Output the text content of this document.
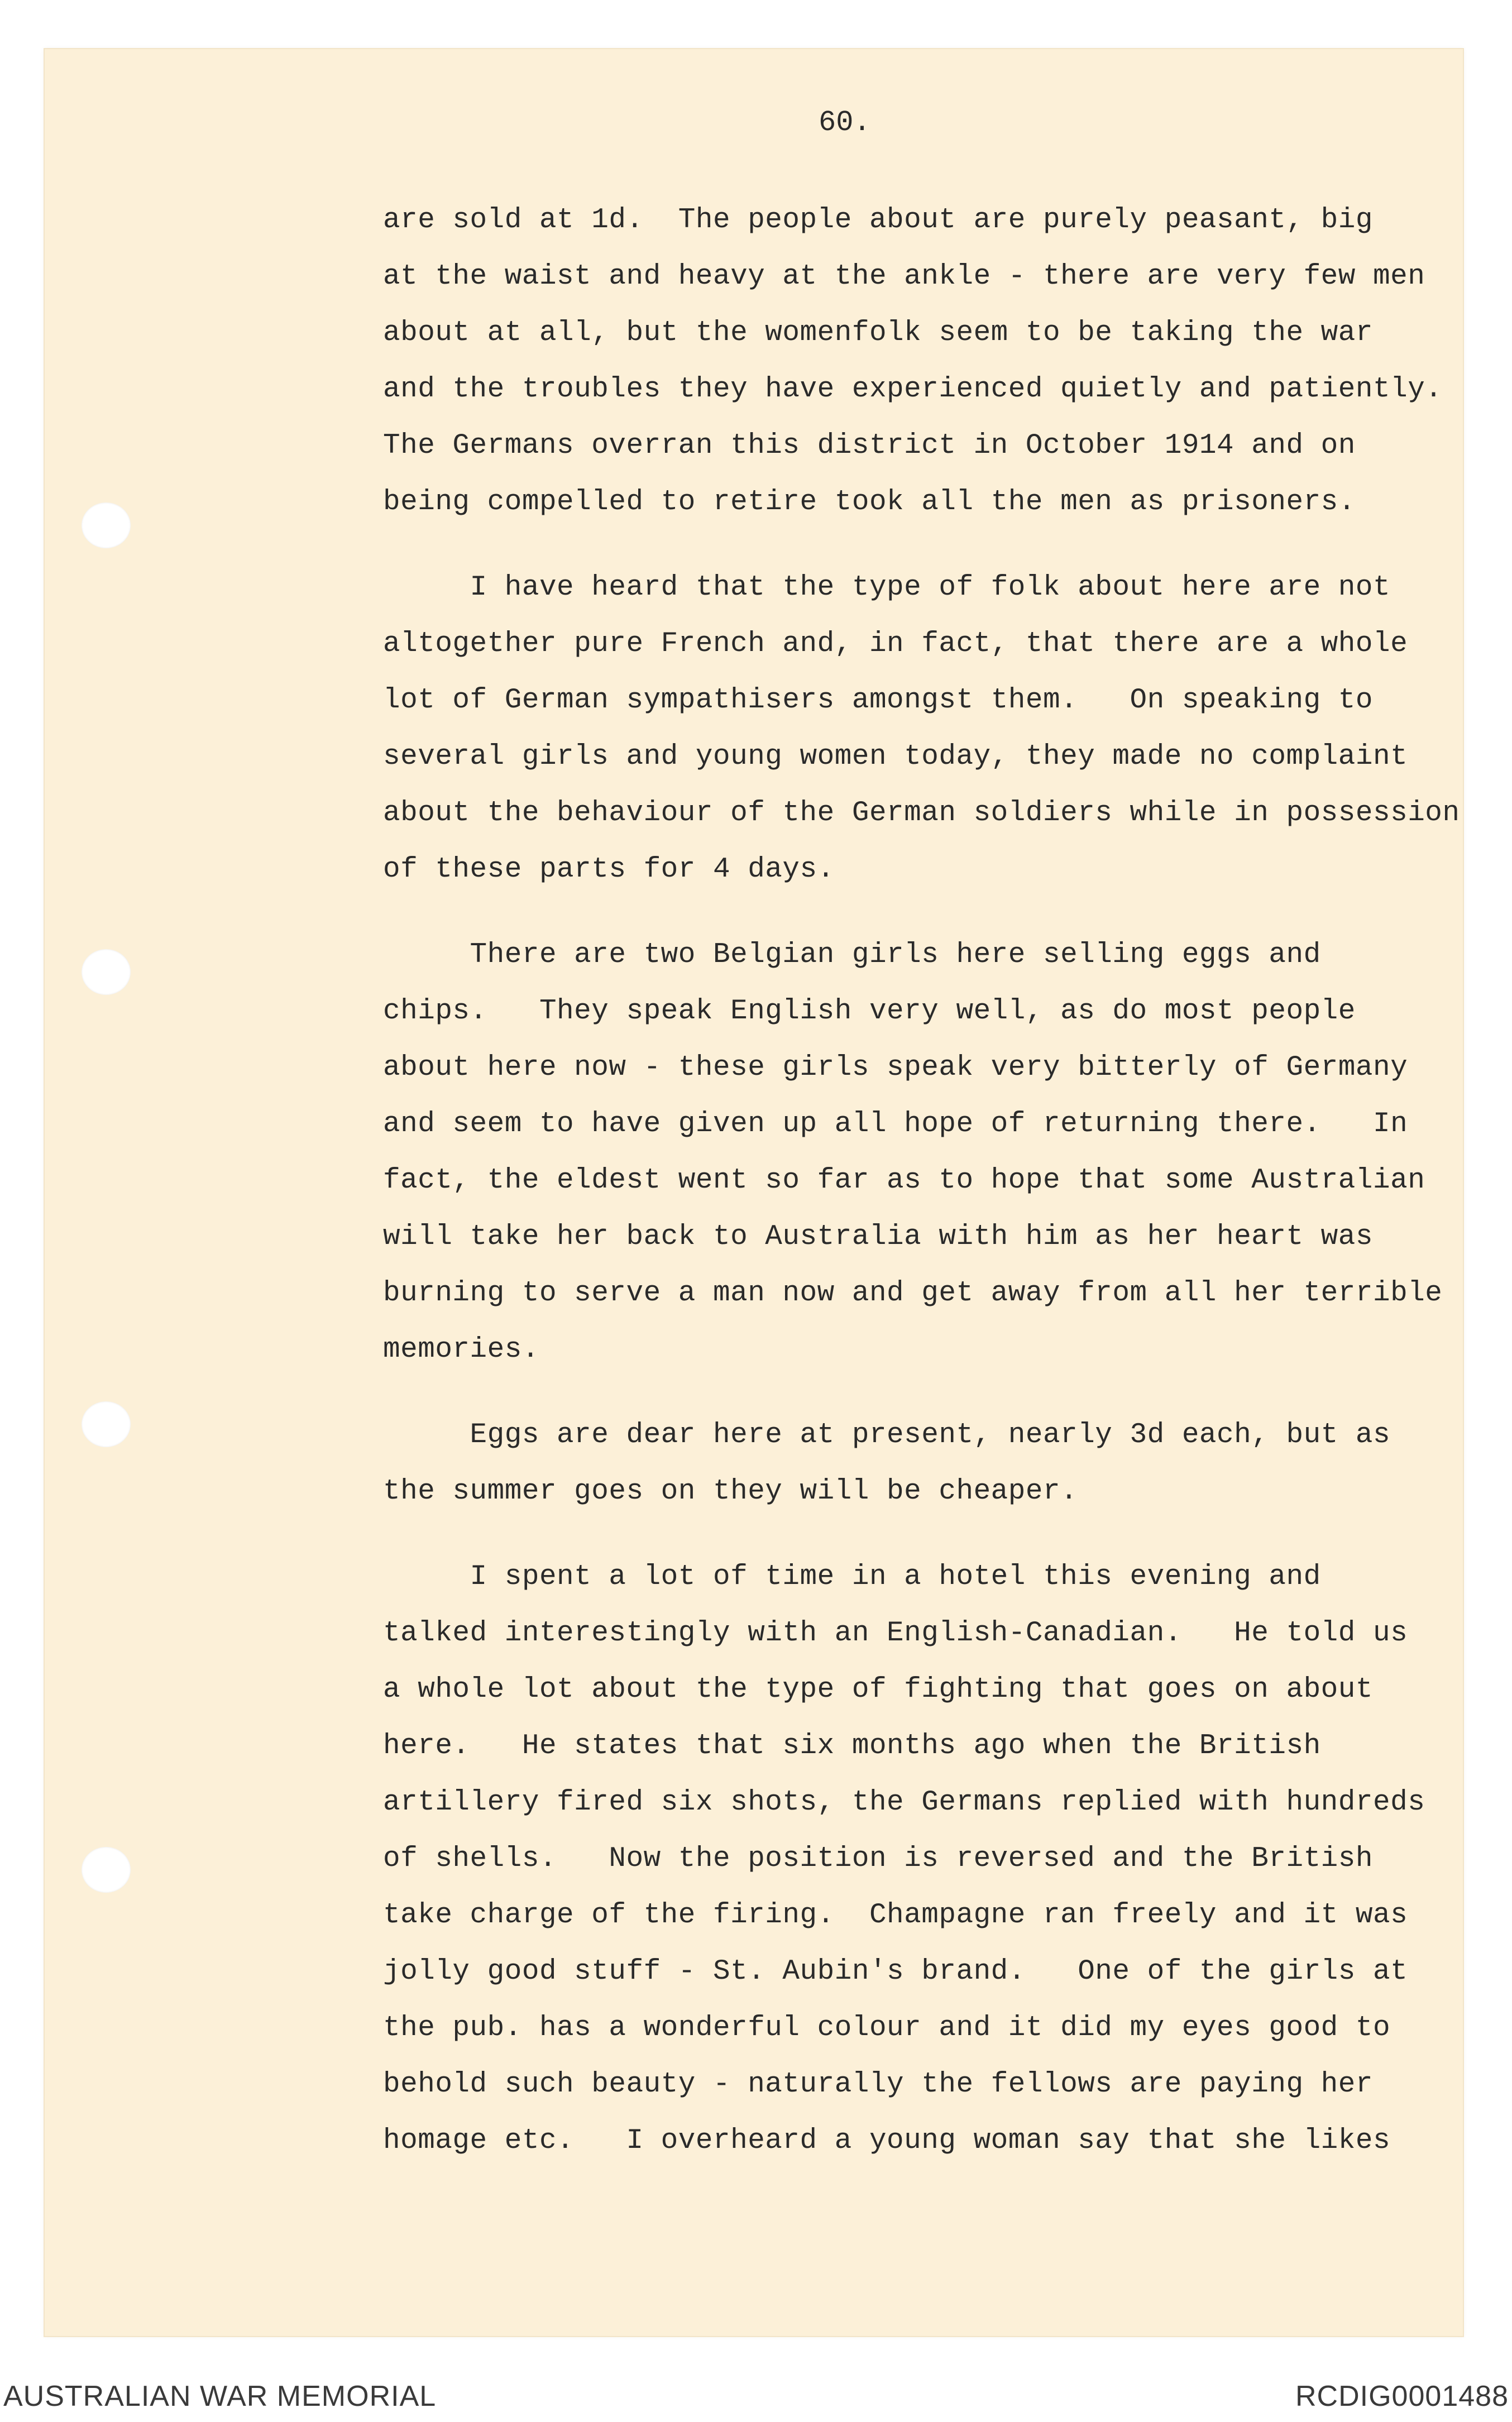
60.
are sold at 1d.  The people about are purely peasant, big
at the waist and heavy at the ankle - there are very few men
about at all, but the womenfolk seem to be taking the war
and the troubles they have experienced quietly and patiently.
The Germans overran this district in October 1914 and on
being compelled to retire took all the men as prisoners.
I have heard that the type of folk about here are not
altogether pure French and, in fact, that there are a whole
lot of German sympathisers amongst them.   On speaking to
several girls and young women today, they made no complaint
about the behaviour of the German soldiers while in possession
of these parts for 4 days.
There are two Belgian girls here selling eggs and
chips.   They speak English very well, as do most people
about here now - these girls speak very bitterly of Germany
and seem to have given up all hope of returning there.   In
fact, the eldest went so far as to hope that some Australian
will take her back to Australia with him as her heart was
burning to serve a man now and get away from all her terrible
memories.
Eggs are dear here at present, nearly 3d each, but as
the summer goes on they will be cheaper.
I spent a lot of time in a hotel this evening and
talked interestingly with an English-Canadian.   He told us
a whole lot about the type of fighting that goes on about
here.   He states that six months ago when the British
artillery fired six shots, the Germans replied with hundreds
of shells.   Now the position is reversed and the British
take charge of the firing.  Champagne ran freely and it was
jolly good stuff - St. Aubin's brand.   One of the girls at
the pub. has a wonderful colour and it did my eyes good to
behold such beauty - naturally the fellows are paying her
homage etc.   I overheard a young woman say that she likes
AUSTRALIAN WAR MEMORIAL	RCDIG0001488
